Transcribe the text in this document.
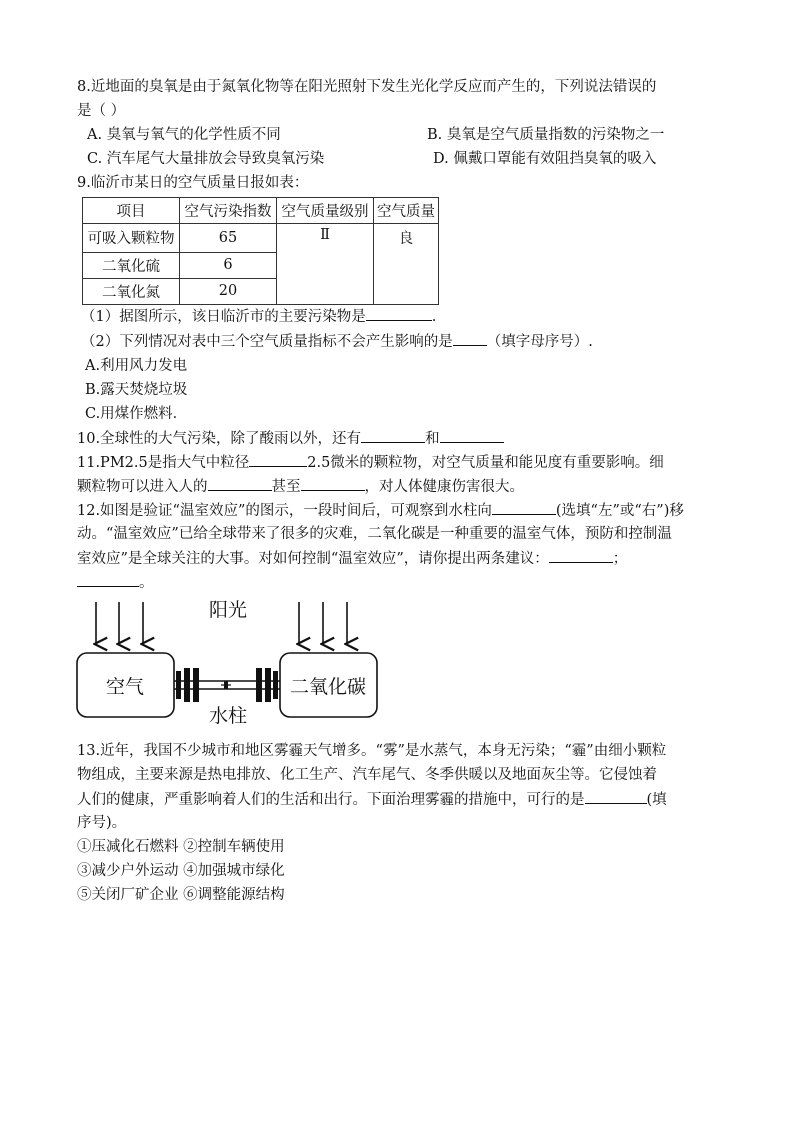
8.近地面的臭氧是由于氮氧化物等在阳光照射下发生光化学反应而产生的，下列说法错误的
是（ ）
A. 臭氧与氧气的化学性质不同	B. 臭氧是空气质量指数的污染物之一
C. 汽车尾气大量排放会导致臭氧污染	D. 佩戴口罩能有效阻挡臭氧的吸入
9.临沂市某日的空气质量日报如表：
项目	空气污染指数	空气质量级别	空气质量
可吸入颗粒物	65	Ⅱ	良
二氧化硫	6		
二氧化氮	20		
（1）据图所示，该日临沂市的主要污染物是	.
（2）下列情况对表中三个空气质量指标不会产生影响的是 （填字母序号）.
A.利用风力发电
B.露天焚烧垃圾
C.用煤作燃料．
10.全球性的大气污染，除了酸雨以外，还有	和
11.PM2.5是指大气中粒径	2.5微米的颗粒物，对空气质量和能见度有重要影响。细
颗粒物可以进入人的	甚至	，对人体健康伤害很大。
12.如图是验证“温室效应”的图示，一段时间后，可观察到水柱向	(选填“左”或“右”)移
动。“温室效应”已给全球带来了很多的灾难，二氧化碳是一种重要的温室气体，预防和控制温
室效应”是全球关注的大事。对如何控制“温室效应”，请你提出两条建议：	；
。
阳光
空气	二氧化碳
水柱
13.近年，我国不少城市和地区雾霾天气增多。“雾”是水蒸气，本身无污染；“霾”由细小颗粒
物组成，主要来源是热电排放、化工生产、汽车尾气、冬季供暖以及地面灰尘等。它侵蚀着
人们的健康，严重影响着人们的生活和出行。下面治理雾霾的措施中，可行的是	(填
序号)。
①压减化石燃料 ②控制车辆使用
③减少户外运动 ④加强城市绿化
⑤关闭厂矿企业 ⑥调整能源结构
